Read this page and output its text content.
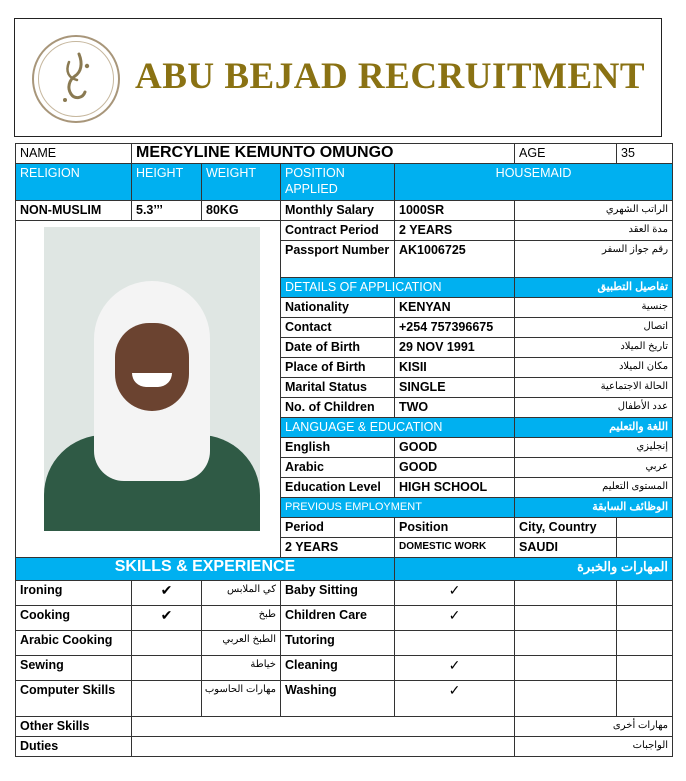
ABU BEJAD RECRUITMENT
NAME	MERCYLINE KEMUNTO OMUNGO				AGE	35
RELIGION	HEIGHT	WEIGHT	POSITION APPLIED	HOUSEMAID		
NON-MUSLIM	5.3’’’	80KG	Monthly Salary	1000SR	الراتب الشهري	

			Contract Period	2 YEARS	مدة العقد	
			Passport Number	AK1006725	رقم جواز السفر	
			DETAILS OF APPLICATION		تفاصيل التطبيق	
			Nationality	KENYAN	جنسية	
			Contact	+254 757396675	اتصال	
			Date of Birth	29 NOV 1991	تاريخ الميلاد	
			Place of Birth	KISII	مكان الميلاد	
			Marital Status	SINGLE	الحالة الاجتماعية	
			No. of Children	TWO	عدد الأطفال	
			LANGUAGE & EDUCATION		اللغة والتعليم	
			English	GOOD	إنجليزي	
			Arabic	GOOD	عربي	
			Education Level	HIGH SCHOOL	المستوى التعليم	
			PREVIOUS EMPLOYMENT		الوظائف السابقة	
			Period	Position	City, Country	
			2 YEARS	DOMESTIC WORK	SAUDI	
SKILLS & EXPERIENCE				المهارات والخبرة		
Ironing	✔	كي الملابس	Baby Sitting	✓		
Cooking	✔	طبخ	Children Care	✓		
Arabic Cooking		الطبخ العربي	Tutoring			
Sewing		خياطة	Cleaning	✓		
Computer Skills		مهارات الحاسوب	Washing	✓		
Other Skills					مهارات أخرى	
Duties					الواجبات	
